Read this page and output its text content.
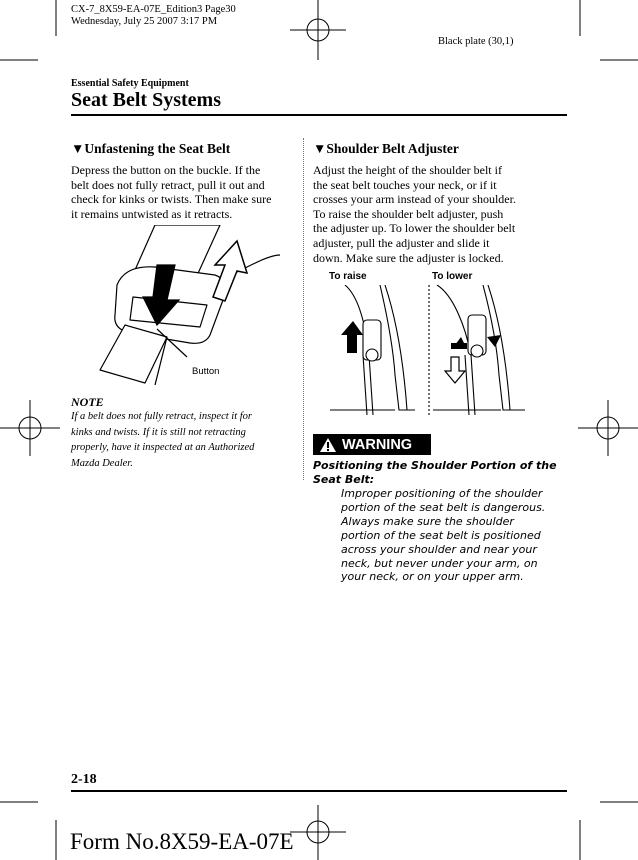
CX-7_8X59-EA-07E_Edition3 Page30
Wednesday, July 25 2007 3:17 PM
Black plate (30,1)
Essential Safety Equipment
Seat Belt Systems
▼Unfastening the Seat Belt
Depress the button on the buckle. If the
belt does not fully retract, pull it out and
check for kinks or twists. Then make sure
it remains untwisted as it retracts.
Button
NOTE
If a belt does not fully retract, inspect it for
kinks and twists. If it is still not retracting
properly, have it inspected at an Authorized
Mazda Dealer.
▼Shoulder Belt Adjuster
Adjust the height of the shoulder belt if
the seat belt touches your neck, or if it
crosses your arm instead of your shoulder.
To raise the shoulder belt adjuster, push
the adjuster up. To lower the shoulder belt
adjuster, pull the adjuster and slide it
down. Make sure the adjuster is locked.
To raise	To lower
WARNING
Positioning the Shoulder Portion of the
Seat Belt:
Improper positioning of the shoulder
portion of the seat belt is dangerous.
Always make sure the shoulder
portion of the seat belt is positioned
across your shoulder and near your
neck, but never under your arm, on
your neck, or on your upper arm.
2-18
Form No.8X59-EA-07E
